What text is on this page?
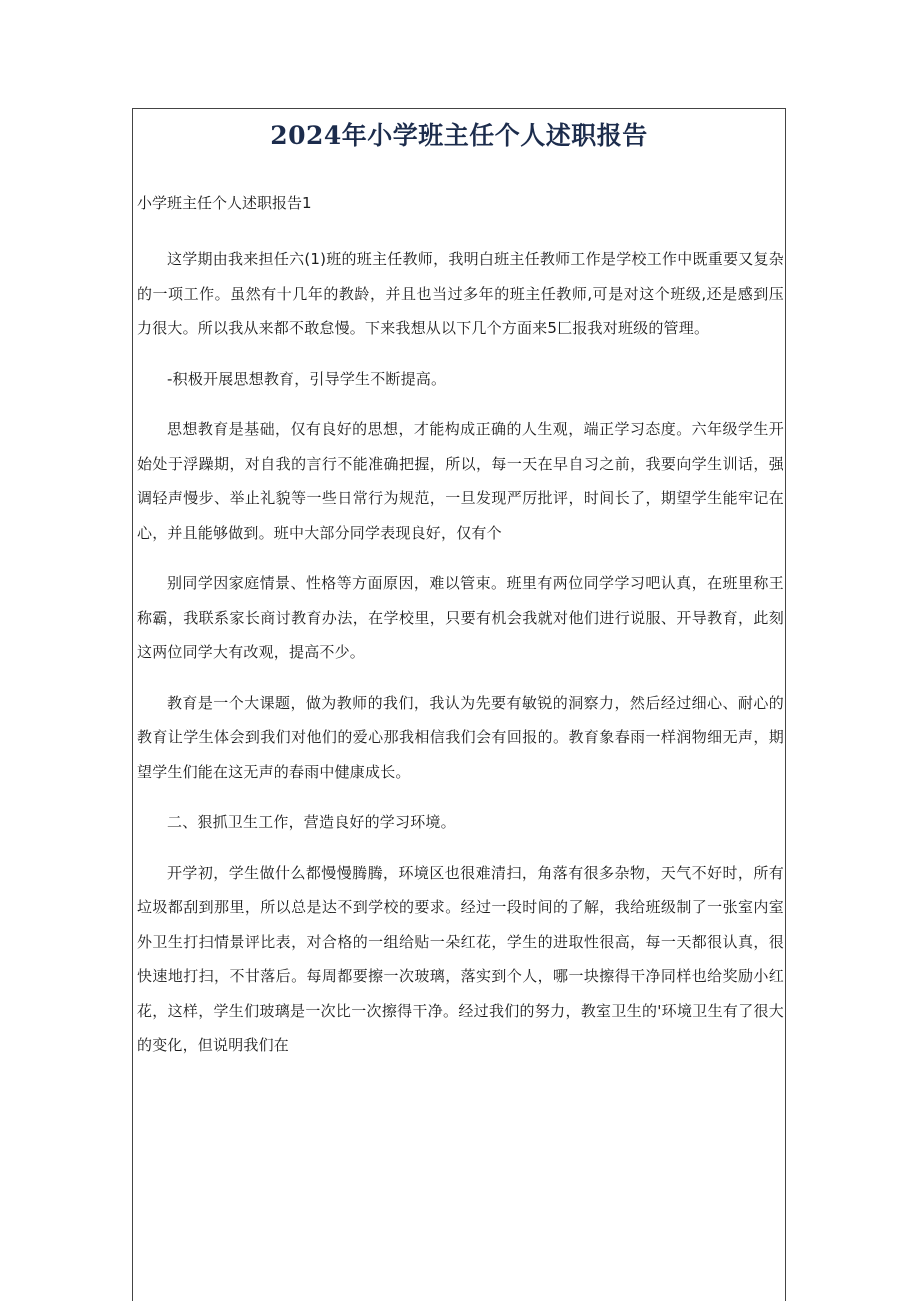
2024年小学班主任个人述职报告

小学班主任个人述职报告1

这学期由我来担任六(1)班的班主任教师，我明白班主任教师工作是学校工作中既重要又复杂的一项工作。虽然有十几年的教龄，并且也当过多年的班主任教师,可是对这个班级,还是感到压力很大。所以我从来都不敢怠慢。下来我想从以下几个方面来5匚报我对班级的管理。

-积极开展思想教育，引导学生不断提高。

思想教育是基础，仅有良好的思想，才能构成正确的人生观，端正学习态度。六年级学生开始处于浮躁期，对自我的言行不能准确把握，所以，每一天在早自习之前，我要向学生训话，强调轻声慢步、举止礼貌等一些日常行为规范，一旦发现严厉批评，时间长了，期望学生能牢记在心，并且能够做到。班中大部分同学表现良好，仅有个

别同学因家庭情景、性格等方面原因，难以管束。班里有两位同学学习吧认真，在班里称王称霸，我联系家长商讨教育办法，在学校里，只要有机会我就对他们进行说服、开导教育，此刻这两位同学大有改观，提高不少。

教育是一个大课题，做为教师的我们，我认为先要有敏锐的洞察力，然后经过细心、耐心的教育让学生体会到我们对他们的爱心那我相信我们会有回报的。教育象春雨一样润物细无声，期望学生们能在这无声的春雨中健康成长。

二、狠抓卫生工作，营造良好的学习环境。

开学初，学生做什么都慢慢腾腾，环境区也很难清扫，角落有很多杂物，天气不好时，所有垃圾都刮到那里，所以总是达不到学校的要求。经过一段时间的了解，我给班级制了一张室内室外卫生打扫情景评比表，对合格的一组给贴一朵红花，学生的进取性很高，每一天都很认真，很快速地打扫，不甘落后。每周都要擦一次玻璃，落实到个人，哪一块擦得干净同样也给奖励小红花，这样，学生们玻璃是一次比一次擦得干净。经过我们的努力，教室卫生的'环境卫生有了很大的变化，但说明我们在
